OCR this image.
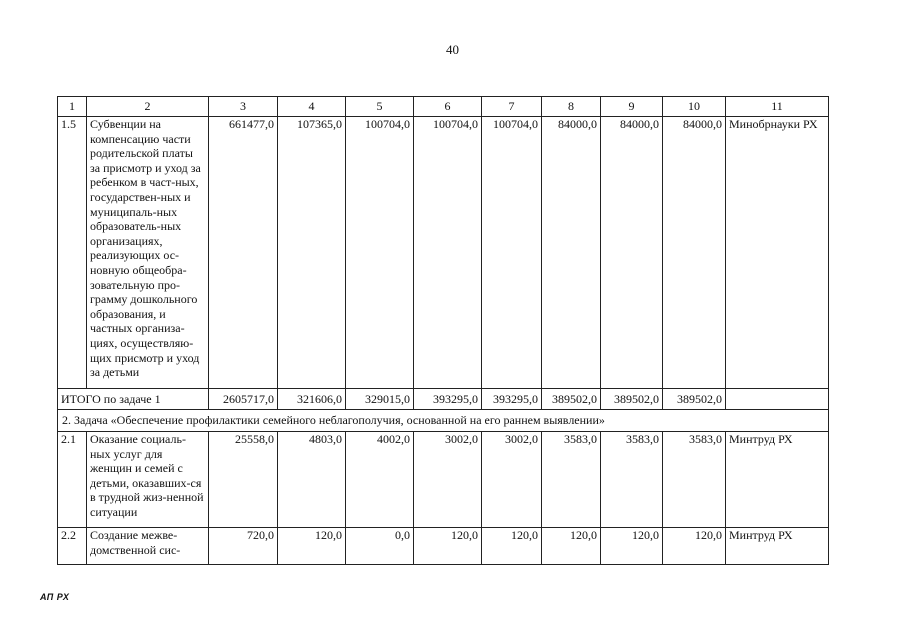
40
1	2	3	4	5	6	7	8	9	10	11
1.5	Субвенции на компенсацию части родительской платы за присмотр и уход за ребенком в част-ных, государствен-ных и муниципаль-ных образователь-ных организациях, реализующих ос-новную общеобра-зовательную про-грамму дошкольного образования, и частных организа-циях, осуществляю-щих присмотр и уход за детьми	661477,0	107365,0	100704,0	100704,0	100704,0	84000,0	84000,0	84000,0	Минобрнауки РХ
ИТОГО по задаче 1		2605717,0	321606,0	329015,0	393295,0	393295,0	389502,0	389502,0	389502,0	
2. Задача «Обеспечение профилактики семейного неблагополучия, основанной на его раннем выявлении»										
2.1	Оказание социаль-ных услуг для женщин и семей с детьми, оказавших-ся в трудной жиз-ненной ситуации	25558,0	4803,0	4002,0	3002,0	3002,0	3583,0	3583,0	3583,0	Минтруд РХ
2.2	Создание межве-домственной сис-	720,0	120,0	0,0	120,0	120,0	120,0	120,0	120,0	Минтруд РХ
АП РХ
